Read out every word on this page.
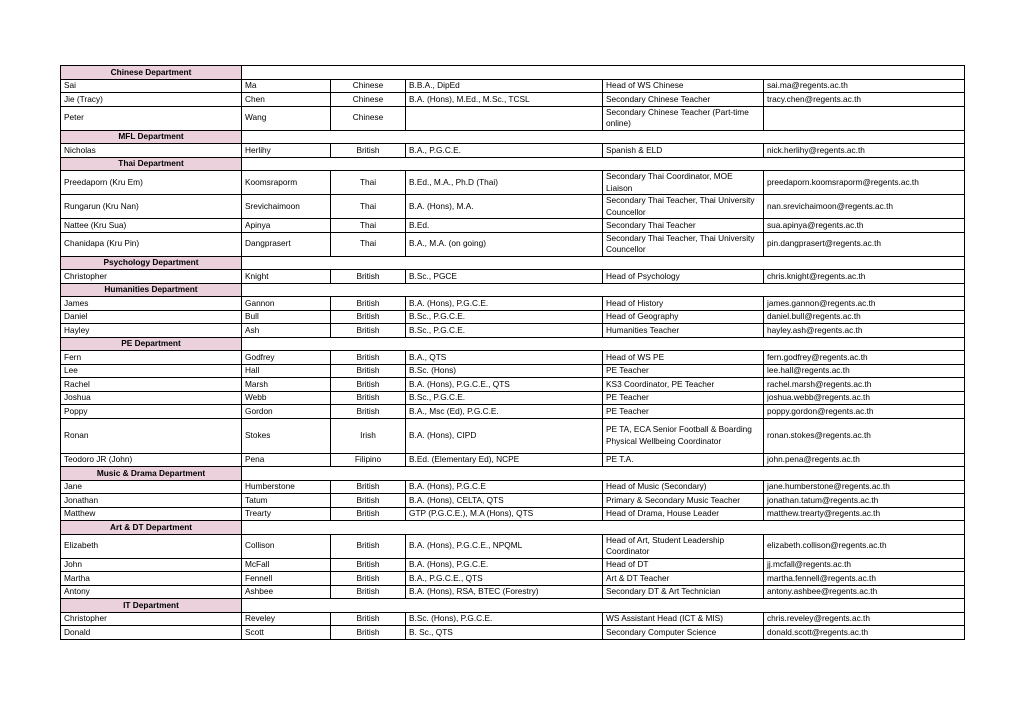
Chinese Department					
Sai	Ma	Chinese	B.B.A., DipEd	Head of WS Chinese	sai.ma@regents.ac.th
Jie (Tracy)	Chen	Chinese	B.A. (Hons), M.Ed., M.Sc., TCSL	Secondary Chinese Teacher	tracy.chen@regents.ac.th
Peter	Wang	Chinese		Secondary Chinese Teacher (Part-time online)	
MFL Department					
Nicholas	Herlihy	British	B.A., P.G.C.E.	Spanish & ELD	nick.herlihy@regents.ac.th
Thai Department					
Preedaporn (Kru Em)	Koomsraporm	Thai	B.Ed., M.A., Ph.D (Thai)	Secondary Thai Coordinator, MOE Liaison	preedaporn.koomsraporm@regents.ac.th
Rungarun (Kru Nan)	Srevichaimoon	Thai	B.A. (Hons), M.A.	Secondary Thai Teacher, Thai University Councellor	nan.srevichaimoon@regents.ac.th
Nattee (Kru Sua)	Apinya	Thai	B.Ed.	Secondary Thai Teacher	sua.apinya@regents.ac.th
Chanidapa (Kru Pin)	Dangprasert	Thai	B.A., M.A. (on going)	Secondary Thai Teacher, Thai University Councellor	pin.dangprasert@regents.ac.th
Psychology Department					
Christopher	Knight	British	B.Sc., PGCE	Head of Psychology	chris.knight@regents.ac.th
Humanities Department					
James	Gannon	British	B.A. (Hons), P.G.C.E.	Head of History	james.gannon@regents.ac.th
Daniel	Bull	British	B.Sc., P.G.C.E.	Head of Geography	daniel.bull@regents.ac.th
Hayley	Ash	British	B.Sc., P.G.C.E.	Humanities Teacher	hayley.ash@regents.ac.th
PE Department					
Fern	Godfrey	British	B.A., QTS	Head of WS PE	fern.godfrey@regents.ac.th
Lee	Hall	British	B.Sc. (Hons)	PE Teacher	lee.hall@regents.ac.th
Rachel	Marsh	British	B.A. (Hons), P.G.C.E., QTS	KS3 Coordinator, PE Teacher	rachel.marsh@regents.ac.th
Joshua	Webb	British	B.Sc., P.G.C.E.	PE Teacher	joshua.webb@regents.ac.th
Poppy	Gordon	British	B.A., Msc (Ed), P.G.C.E.	PE Teacher	poppy.gordon@regents.ac.th
Ronan	Stokes	Irish	B.A. (Hons), CIPD	PE TA, ECA Senior Football & Boarding Physical Wellbeing Coordinator	ronan.stokes@regents.ac.th
Teodoro JR (John)	Pena	Filipino	B.Ed. (Elementary Ed), NCPE	PE T.A.	john.pena@regents.ac.th
Music & Drama Department					
Jane	Humberstone	British	B.A. (Hons), P.G.C.E	Head of Music (Secondary)	jane.humberstone@regents.ac.th
Jonathan	Tatum	British	B.A. (Hons), CELTA, QTS	Primary & Secondary Music Teacher	jonathan.tatum@regents.ac.th
Matthew	Trearty	British	GTP (P.G.C.E.), M.A (Hons), QTS	Head of Drama, House Leader	matthew.trearty@regents.ac.th
Art & DT Department					
Elizabeth	Collison	British	B.A. (Hons), P.G.C.E., NPQML	Head of Art, Student Leadership Coordinator	elizabeth.collison@regents.ac.th
John	McFall	British	B.A. (Hons), P.G.C.E.	Head of DT	jj.mcfall@regents.ac.th
Martha	Fennell	British	B.A., P.G.C.E., QTS	Art & DT Teacher	martha.fennell@regents.ac.th
Antony	Ashbee	British	B.A. (Hons), RSA, BTEC (Forestry)	Secondary DT & Art Technician	antony.ashbee@regents.ac.th
IT Department					
Christopher	Reveley	British	B.Sc. (Hons), P.G.C.E.	WS Assistant Head (ICT & MIS)	chris.reveley@regents.ac.th
Donald	Scott	British	B. Sc., QTS	Secondary Computer Science	donald.scott@regents.ac.th
